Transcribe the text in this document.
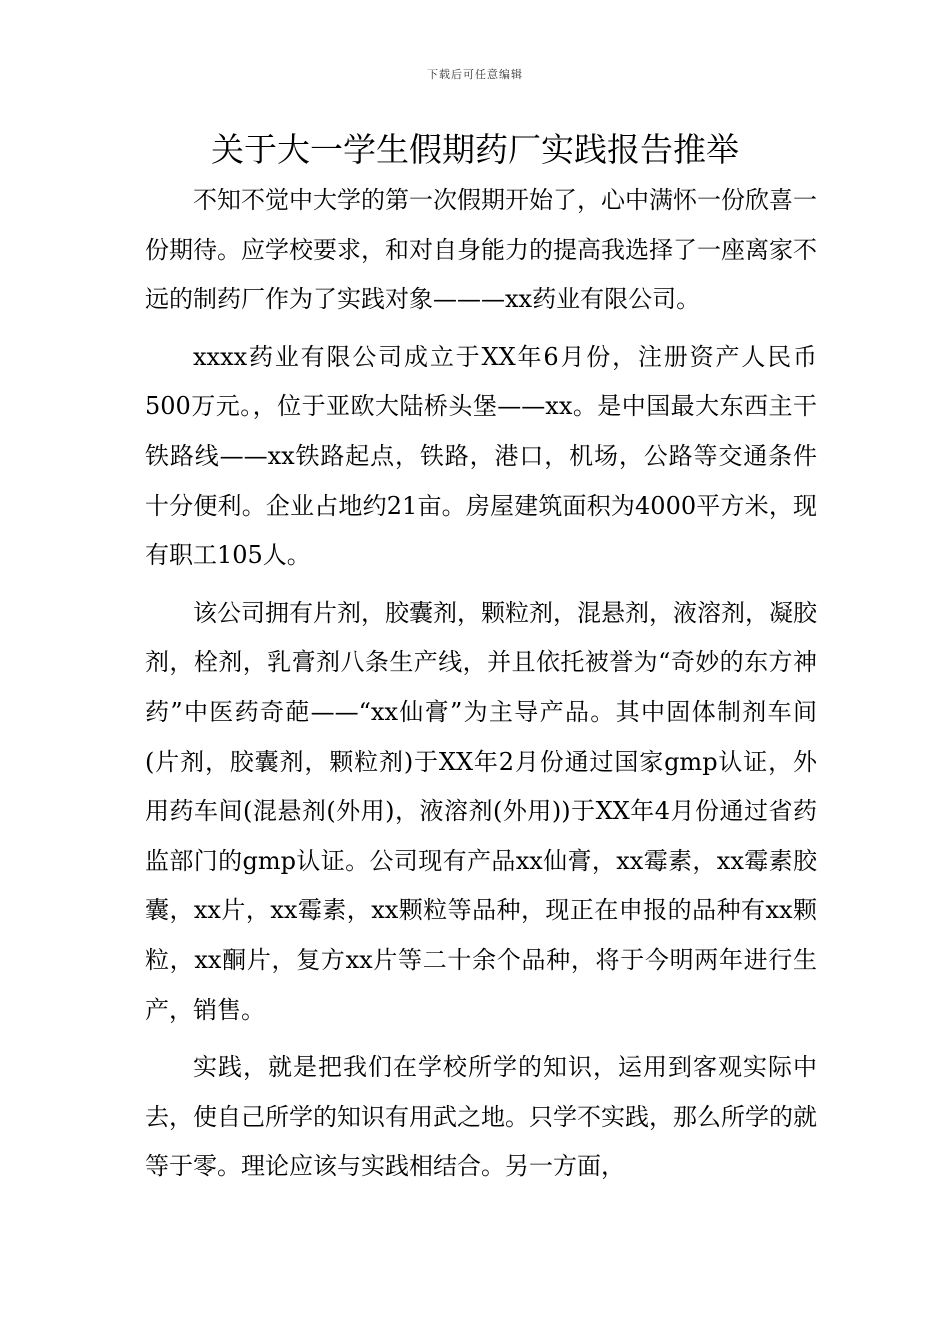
下载后可任意编辑
关于大一学生假期药厂实践报告推举

不知不觉中大学的第一次假期开始了，心中满怀一份欣喜一份期待。应学校要求，和对自身能力的提高我选择了一座离家不远的制药厂作为了实践对象———xx药业有限公司。

xxxx药业有限公司成立于XX年6月份，注册资产人民币500万元。，位于亚欧大陆桥头堡——xx。是中国最大东西主干铁路线——xx铁路起点，铁路，港口，机场，公路等交通条件十分便利。企业占地约21亩。房屋建筑面积为4000平方米，现有职工105人。

该公司拥有片剂，胶囊剂，颗粒剂，混悬剂，液溶剂，凝胶剂，栓剂，乳膏剂八条生产线，并且依托被誉为“奇妙的东方神药”中医药奇葩——“xx仙膏”为主导产品。其中固体制剂车间(片剂，胶囊剂，颗粒剂)于XX年2月份通过国家gmp认证，外用药车间(混悬剂(外用)，液溶剂(外用))于XX年4月份通过省药监部门的gmp认证。公司现有产品xx仙膏，xx霉素，xx霉素胶囊，xx片，xx霉素，xx颗粒等品种，现正在申报的品种有xx颗粒，xx酮片，复方xx片等二十余个品种，将于今明两年进行生产，销售。

实践，就是把我们在学校所学的知识，运用到客观实际中去，使自己所学的知识有用武之地。只学不实践，那么所学的就等于零。理论应该与实践相结合。另一方面，
